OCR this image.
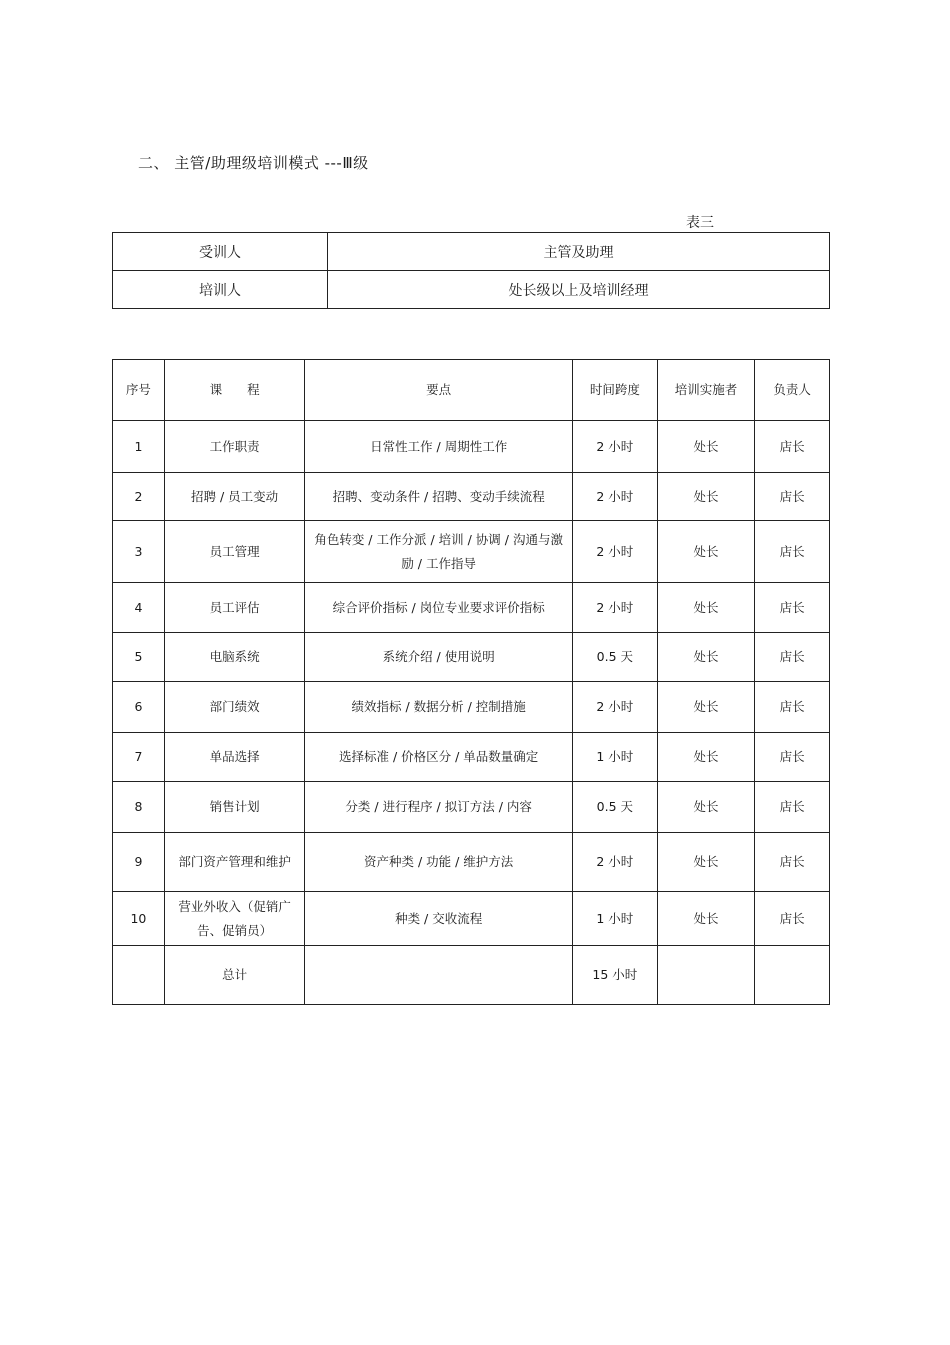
二、 主管/助理级培训模式 ---Ⅲ级
表三
受训人	主管及助理
培训人	处长级以上及培训经理
序号	课　　程	要点	时间跨度	培训实施者	负责人
1	工作职责	日常性工作 / 周期性工作	2 小时	处长	店长
2	招聘 / 员工变动	招聘、变动条件 / 招聘、变动手续流程	2 小时	处长	店长
3	员工管理	角色转变 / 工作分派 / 培训 / 协调 / 沟通与激励 / 工作指导	2 小时	处长	店长
4	员工评估	综合评价指标 / 岗位专业要求评价指标	2 小时	处长	店长
5	电脑系统	系统介绍 / 使用说明	0.5 天	处长	店长
6	部门绩效	绩效指标 / 数据分析 / 控制措施	2 小时	处长	店长
7	单品选择	选择标准 / 价格区分 / 单品数量确定	1 小时	处长	店长
8	销售计划	分类 / 进行程序 / 拟订方法 / 内容	0.5 天	处长	店长
9	部门资产管理和维护	资产种类 / 功能 / 维护方法	2 小时	处长	店长
10	营业外收入（促销广告、促销员）	种类 / 交收流程	1 小时	处长	店长
	总计		15 小时		
